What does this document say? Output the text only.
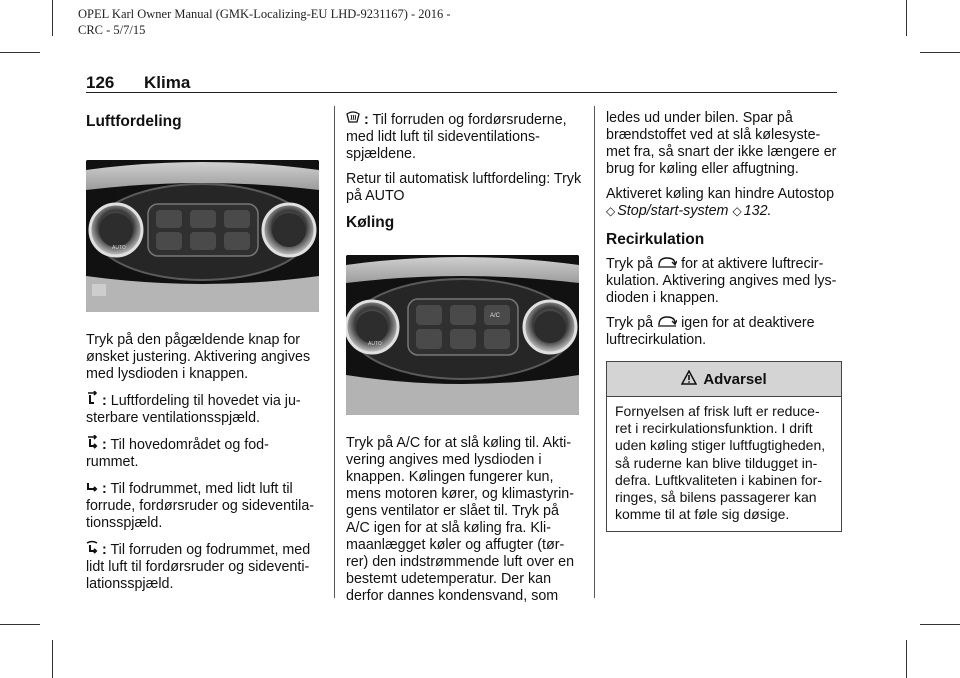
OPEL Karl Owner Manual (GMK-Localizing-EU LHD-9231167) - 2016 -
CRC - 5/7/15
126 Klima
Luftfordeling
AUTO

Tryk på den pågældende knap for ønsket justering. Aktivering angives med lysdioden i knappen.

: Luftfordeling til hovedet via ju- sterbare ventilationsspjæld.

: Til hovedområdet og fod- rummet.

: Til fodrummet, med lidt luft til forrude, fordørsruder og sideventila- tionsspjæld.

: Til forruden og fodrummet, med lidt luft til fordørsruder og sideventi- lationsspjæld.

: Til forruden og fordørsruderne, med lidt luft til sideventilations- spjældene.

Retur til automatisk luftfordeling: Tryk på AUTO

Køling
A/C
AUTO

Tryk på A/C for at slå køling til. Akti- vering angives med lysdioden i knappen. Kølingen fungerer kun, mens motoren kører, og klimastyrin- gens ventilator er slået til. Tryk på A/C igen for at slå køling fra. Kli- maanlægget køler og affugter (tør- rer) den indstrømmende luft over en bestemt udetemperatur. Der kan derfor dannes kondensvand, som

ledes ud under bilen. Spar på brændstoffet ved at slå kølesyste- met fra, så snart der ikke længere er brug for køling eller affugtning.

Aktiveret køling kan hindre Autostop
◇ Stop/start-system ◇ 132.

Recirkulation

Tryk på for at aktivere luftrecir- kulation. Aktivering angives med lys- dioden i knappen.

Tryk på igen for at deaktivere luftrecirkulation.

Advarsel
Fornyelsen af frisk luft er reduce- ret i recirkulationsfunktion. I drift uden køling stiger luftfugtigheden, så ruderne kan blive tildugget in- defra. Luftkvaliteten i kabinen for- ringes, så bilens passagerer kan komme til at føle sig døsige.
